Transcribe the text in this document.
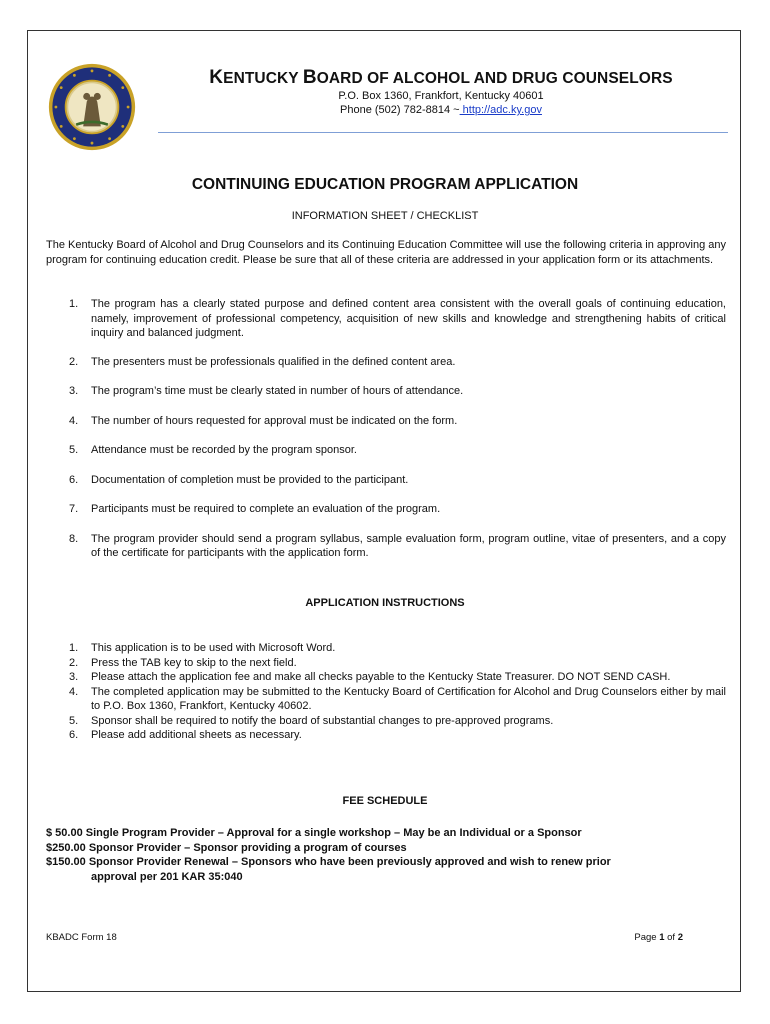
KENTUCKY BOARD OF ALCOHOL AND DRUG COUNSELORS
P.O. Box 1360, Frankfort, Kentucky 40601
Phone (502) 782-8814 ~ http://adc.ky.gov
CONTINUING EDUCATION PROGRAM APPLICATION
INFORMATION SHEET / CHECKLIST
The Kentucky Board of Alcohol and Drug Counselors and its Continuing Education Committee will use the following criteria in approving any program for continuing education credit. Please be sure that all of these criteria are addressed in your application form or its attachments.
1. The program has a clearly stated purpose and defined content area consistent with the overall goals of continuing education, namely, improvement of professional competency, acquisition of new skills and knowledge and strengthening habits of critical inquiry and balanced judgment.
2. The presenters must be professionals qualified in the defined content area.
3. The program’s time must be clearly stated in number of hours of attendance.
4. The number of hours requested for approval must be indicated on the form.
5. Attendance must be recorded by the program sponsor.
6. Documentation of completion must be provided to the participant.
7. Participants must be required to complete an evaluation of the program.
8. The program provider should send a program syllabus, sample evaluation form, program outline, vitae of presenters, and a copy of the certificate for participants with the application form.
APPLICATION INSTRUCTIONS
1. This application is to be used with Microsoft Word.
2. Press the TAB key to skip to the next field.
3. Please attach the application fee and make all checks payable to the Kentucky State Treasurer. DO NOT SEND CASH.
4. The completed application may be submitted to the Kentucky Board of Certification for Alcohol and Drug Counselors either by mail to P.O. Box 1360, Frankfort, Kentucky 40602.
5. Sponsor shall be required to notify the board of substantial changes to pre-approved programs.
6. Please add additional sheets as necessary.
FEE SCHEDULE
$ 50.00 Single Program Provider – Approval for a single workshop – May be an Individual or a Sponsor
$250.00 Sponsor Provider – Sponsor providing a program of courses
$150.00 Sponsor Provider Renewal – Sponsors who have been previously approved and wish to renew prior
approval per 201 KAR 35:040
KBADC Form 18	Page 1 of 2
